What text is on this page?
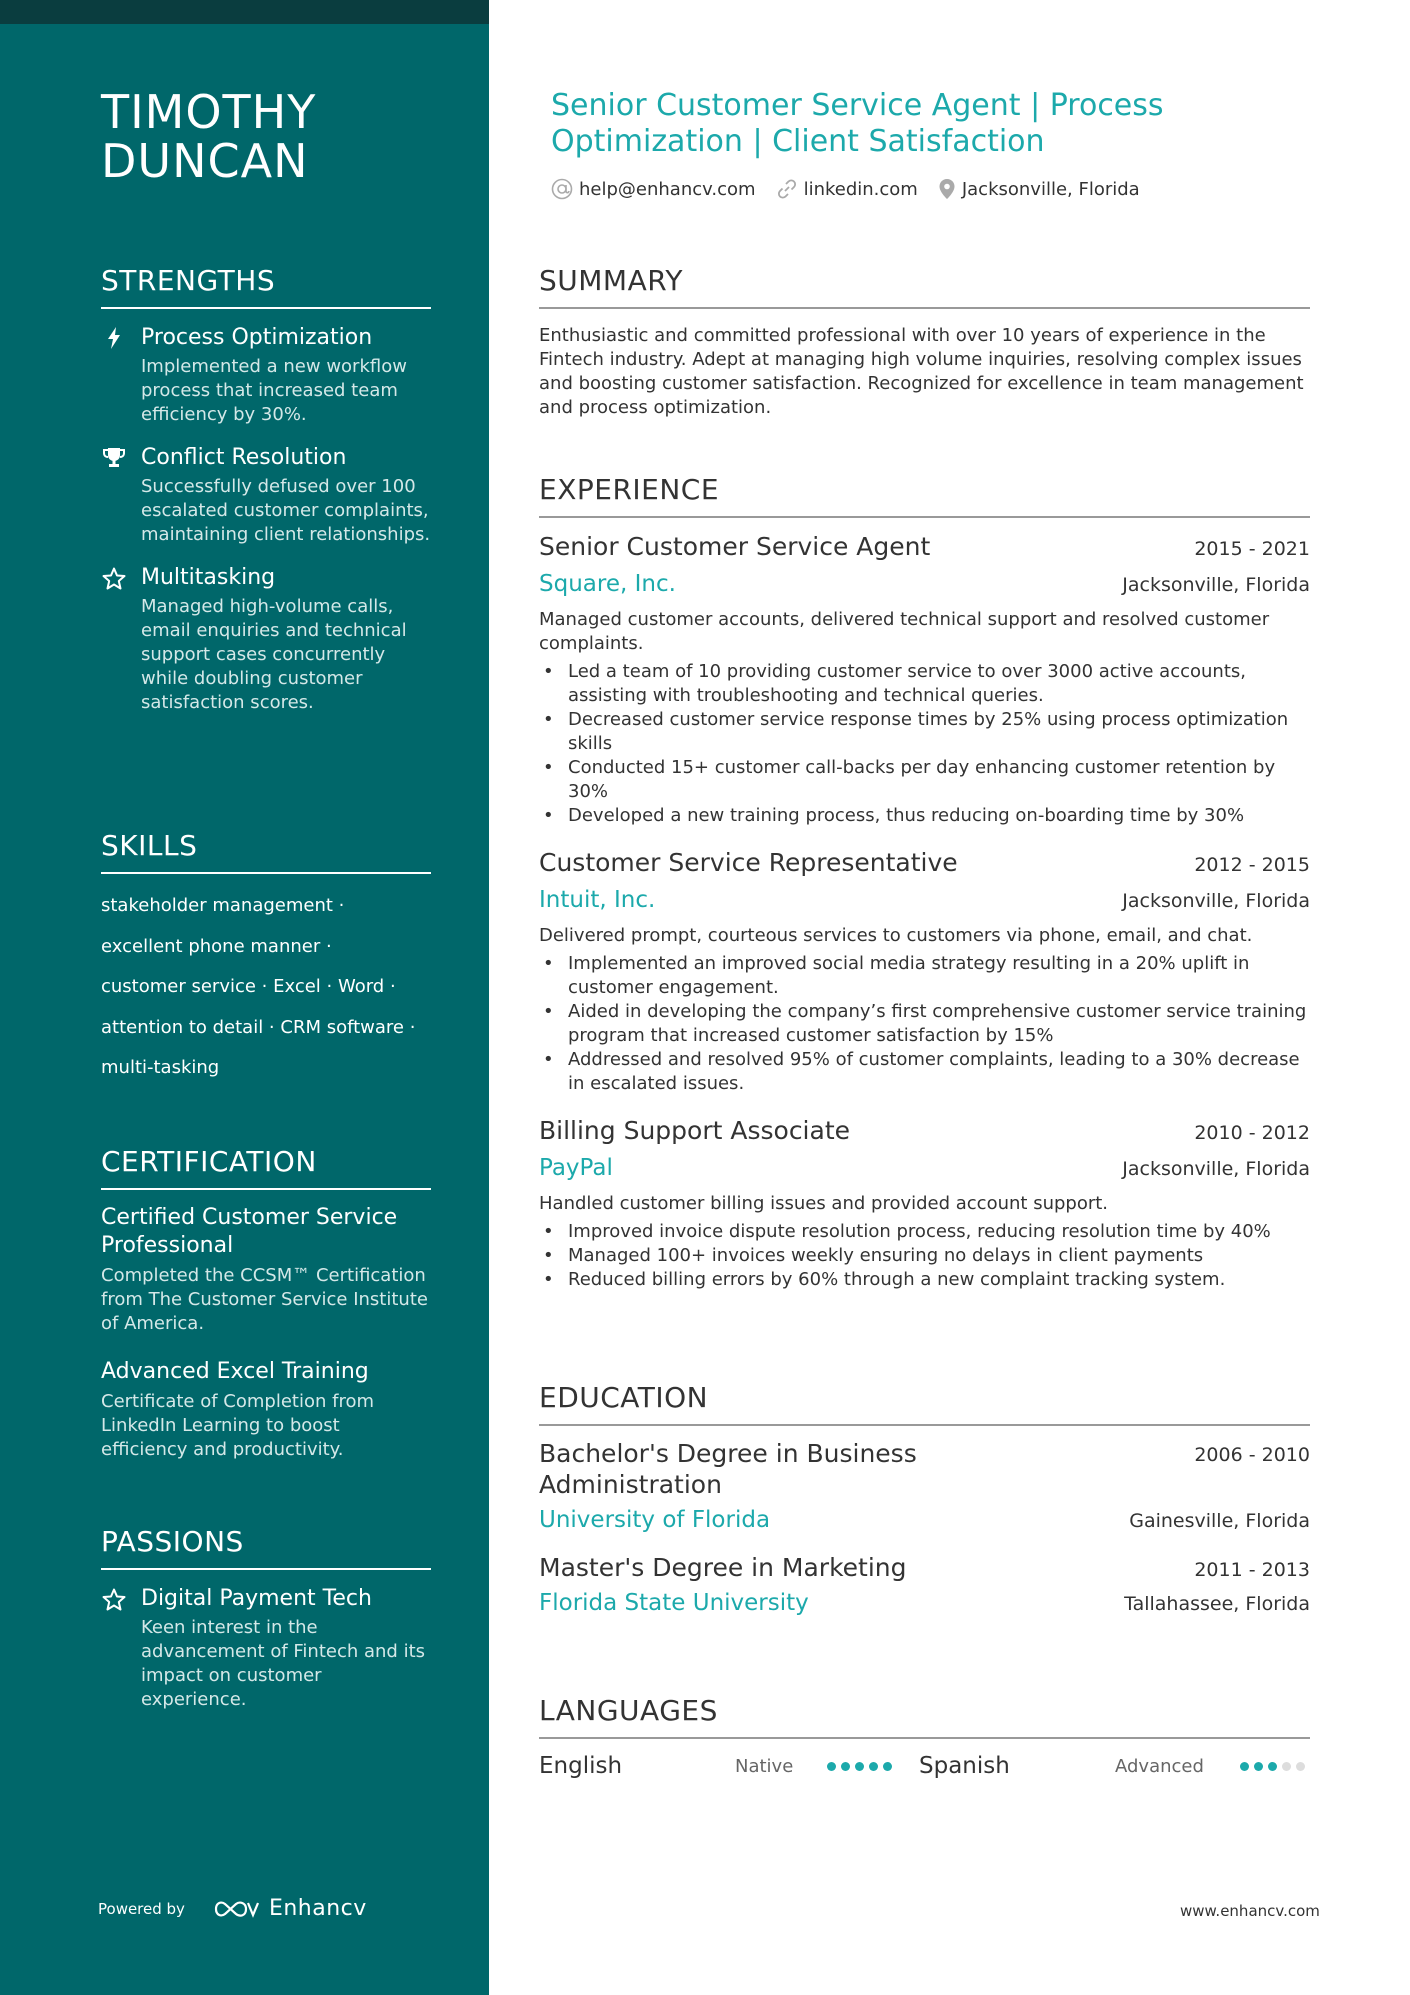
TIMOTHY
DUNCAN
STRENGTHS
Process Optimization
Implemented a new workflow process that increased team efficiency by 30%.
Conflict Resolution
Successfully defused over 100 escalated customer complaints, maintaining client relationships.
Multitasking
Managed high-volume calls, email enquiries and technical support cases concurrently while doubling customer satisfaction scores.
SKILLS
stakeholder management ·
excellent phone manner ·
customer service · Excel · Word ·
attention to detail · CRM software ·
multi-tasking
CERTIFICATION
Certified Customer Service Professional
Completed the CCSM™ Certification from The Customer Service Institute of America.
Advanced Excel Training
Certificate of Completion from LinkedIn Learning to boost efficiency and productivity.
PASSIONS
Digital Payment Tech
Keen interest in the advancement of Fintech and its impact on customer experience.
Powered by	Enhancv
Senior Customer Service Agent | Process
Optimization | Client Satisfaction
help@enhancv.com	linkedin.com Jacksonville, Florida
SUMMARY
Enthusiastic and committed professional with over 10 years of experience in the Fintech industry. Adept at managing high volume inquiries, resolving complex issues and boosting customer satisfaction. Recognized for excellence in team management and process optimization.
EXPERIENCE
Senior Customer Service Agent	2015 - 2021
Square, Inc.	Jacksonville, Florida
Managed customer accounts, delivered technical support and resolved customer complaints.
• Led a team of 10 providing customer service to over 3000 active accounts, assisting with troubleshooting and technical queries.
• Decreased customer service response times by 25% using process optimization skills
• Conducted 15+ customer call-backs per day enhancing customer retention by 30%
• Developed a new training process, thus reducing on-boarding time by 30%
Customer Service Representative	2012 - 2015
Intuit, Inc.	Jacksonville, Florida
Delivered prompt, courteous services to customers via phone, email, and chat.
• Implemented an improved social media strategy resulting in a 20% uplift in customer engagement.
• Aided in developing the company’s first comprehensive customer service training program that increased customer satisfaction by 15%
• Addressed and resolved 95% of customer complaints, leading to a 30% decrease in escalated issues.
Billing Support Associate	2010 - 2012
PayPal	Jacksonville, Florida
Handled customer billing issues and provided account support.
• Improved invoice dispute resolution process, reducing resolution time by 40%
• Managed 100+ invoices weekly ensuring no delays in client payments
• Reduced billing errors by 60% through a new complaint tracking system.
EDUCATION
Bachelor's Degree in Business Administration
2006 - 2010
University of Florida	Gainesville, Florida
Master's Degree in Marketing	2011 - 2013
Florida State University	Tallahassee, Florida
LANGUAGES
English	Native	Spanish	Advanced
www.enhancv.com
